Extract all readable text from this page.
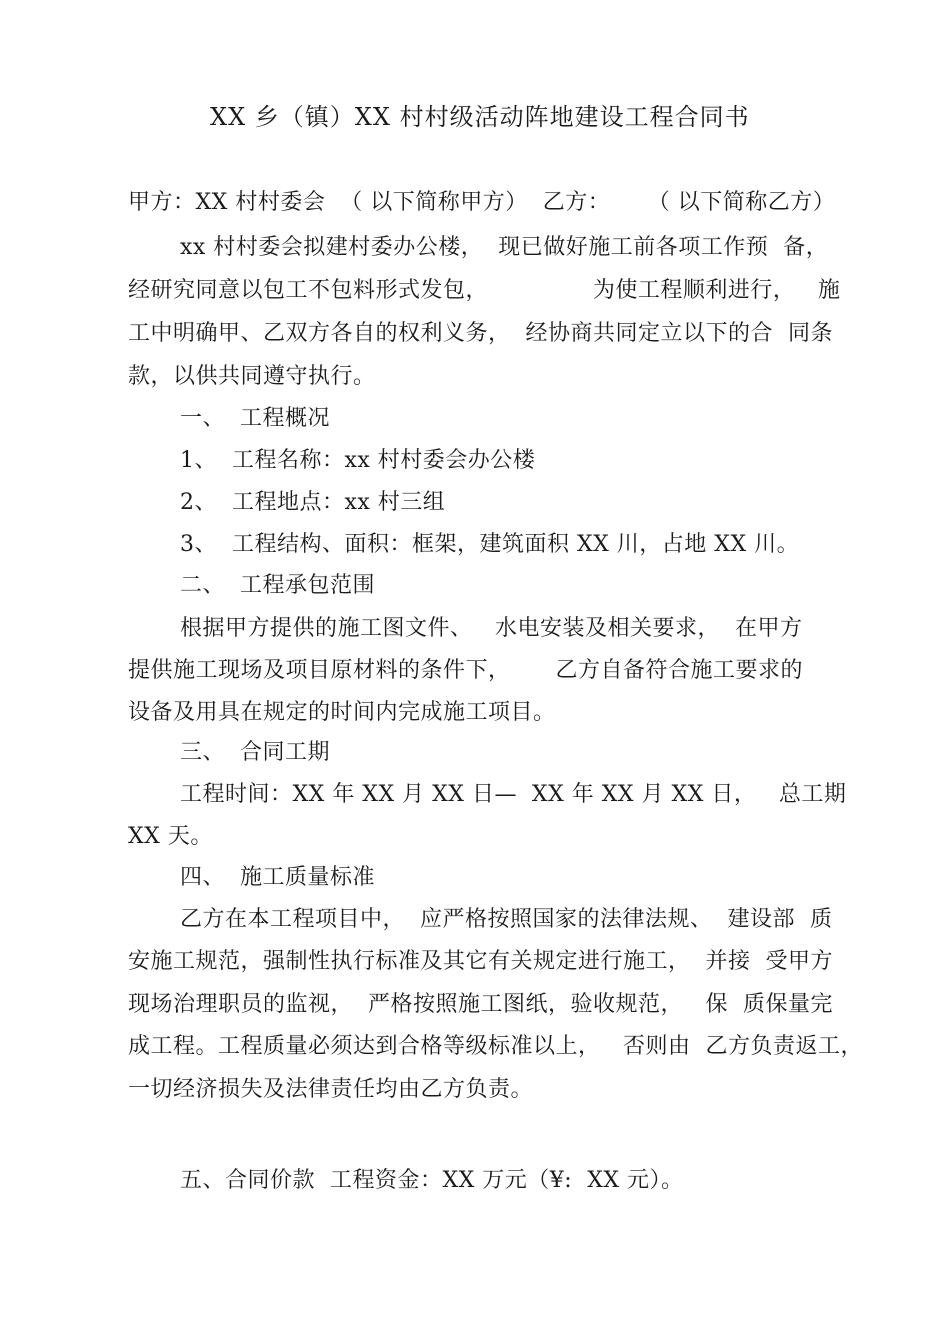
XX 乡（镇）XX 村村级活动阵地建设工程合同书
甲方：XX 村村委会  （ 以下简称甲方）  乙方：     （ 以下简称乙方）
xx 村村委会拟建村委办公楼，  现已做好施工前各项工作预  备，
经研究同意以包工不包料形式发包，              为使工程顺利进行，   施
工中明确甲、乙双方各自的权利义务，  经协商共同定立以下的合  同条
款，以供共同遵守执行。
一、  工程概况
1、  工程名称：xx 村村委会办公楼
2、  工程地点：xx 村三组
3、  工程结构、面积：框架，建筑面积 XX 川，占地 XX 川。
二、  工程承包范围
根据甲方提供的施工图文件、   水电安装及相关要求，  在甲方
提供施工现场及项目原材料的条件下，      乙方自备符合施工要求的
设备及用具在规定的时间内完成施工项目。
三、  合同工期
工程时间：XX 年 XX 月 XX 日—  XX 年 XX 月 XX 日，   总工期
XX 天。
四、  施工质量标准
乙方在本工程项目中，  应严格按照国家的法律法规、  建设部  质
安施工规范，强制性执行标准及其它有关规定进行施工，  并接  受甲方
现场治理职员的监视，  严格按照施工图纸，验收规范，   保  质保量完
成工程。工程质量必须达到合格等级标准以上，   否则由  乙方负责返工，
一切经济损失及法律责任均由乙方负责。
五、合同价款  工程资金：XX 万元（¥:  XX 元）。
